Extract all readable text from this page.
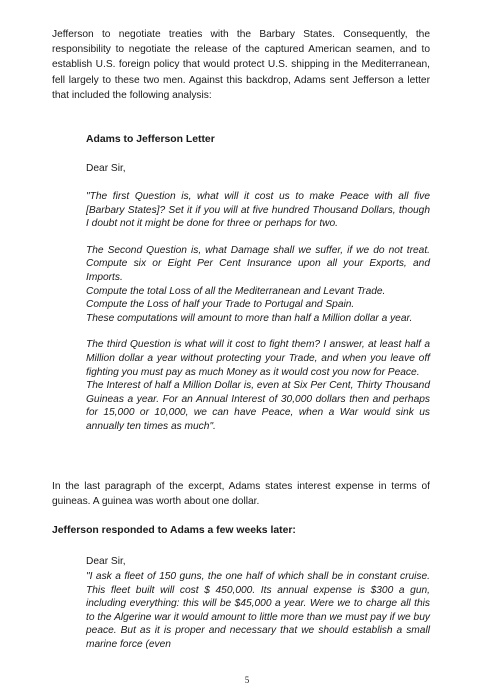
Jefferson to negotiate treaties with the Barbary States. Consequently, the responsibility to negotiate the release of the captured American seamen, and to establish U.S. foreign policy that would protect U.S. shipping in the Mediterranean, fell largely to these two men. Against this backdrop, Adams sent Jefferson a letter that included the following analysis:

Adams to Jefferson Letter

Dear Sir,

"The first Question is, what will it cost us to make Peace with all five [Barbary States]? Set it if you will at five hundred Thousand Dollars, though I doubt not it might be done for three or perhaps for two.

The Second Question is, what Damage shall we suffer, if we do not treat. Compute six or Eight Per Cent Insurance upon all your Exports, and Imports.

Compute the total Loss of all the Mediterranean and Levant Trade.

Compute the Loss of half your Trade to Portugal and Spain.

These computations will amount to more than half a Million dollar a year.

The third Question is what will it cost to fight them? I answer, at least half a Million dollar a year without protecting your Trade, and when you leave off fighting you must pay as much Money as it would cost you now for Peace.

The Interest of half a Million Dollar is, even at Six Per Cent, Thirty Thousand Guineas a year. For an Annual Interest of 30,000 dollars then and perhaps for 15,000 or 10,000, we can have Peace, when a War would sink us annually ten times as much".

In the last paragraph of the excerpt, Adams states interest expense in terms of guineas. A guinea was worth about one dollar.

Jefferson responded to Adams a few weeks later:

Dear Sir,

"I ask a fleet of 150 guns, the one half of which shall be in constant cruise. This fleet built will cost $ 450,000. Its annual expense is $300 a gun, including everything: this will be $45,000 a year. Were we to charge all this to the Algerine war it would amount to little more than we must pay if we buy peace. But as it is proper and necessary that we should establish a small marine force (even

5
